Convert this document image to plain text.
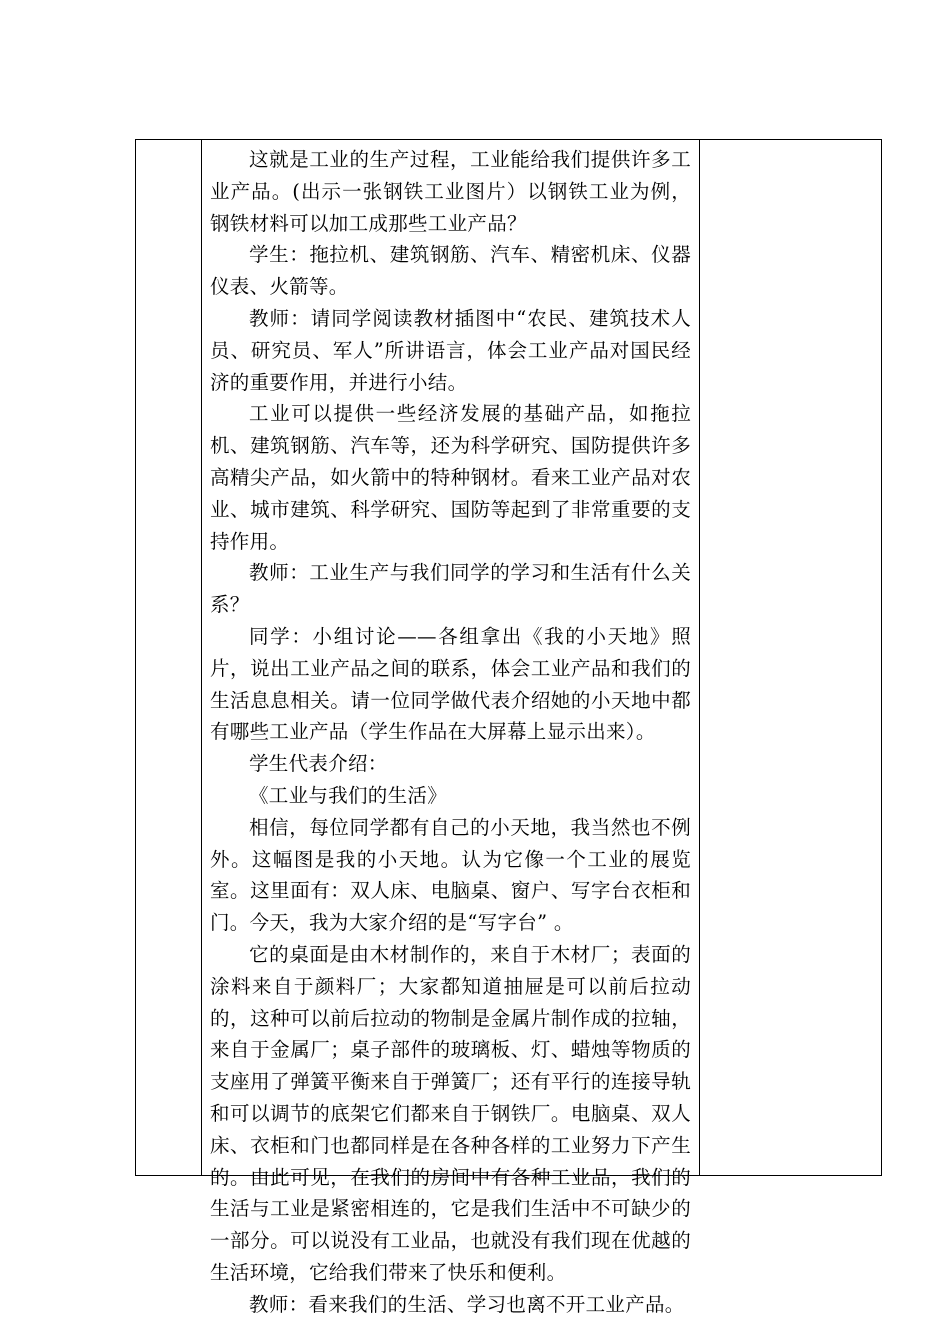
这就是工业的生产过程，工业能给我们提供许多工业产品。(出示一张钢铁工业图片）以钢铁工业为例，钢铁材料可以加工成那些工业产品？

学生：拖拉机、建筑钢筋、汽车、精密机床、仪器仪表、火箭等。

教师：请同学阅读教材插图中“农民、建筑技术人员、研究员、军人”所讲语言，体会工业产品对国民经济的重要作用，并进行小结。

工业可以提供一些经济发展的基础产品，如拖拉机、建筑钢筋、汽车等，还为科学研究、国防提供许多高精尖产品，如火箭中的特种钢材。看来工业产品对农业、城市建筑、科学研究、国防等起到了非常重要的支持作用。

教师：工业生产与我们同学的学习和生活有什么关系？

同学：小组讨论——各组拿出《我的小天地》照片，说出工业产品之间的联系，体会工业产品和我们的生活息息相关。请一位同学做代表介绍她的小天地中都有哪些工业产品（学生作品在大屏幕上显示出来）。

学生代表介绍：

《工业与我们的生活》

相信，每位同学都有自己的小天地，我当然也不例外。这幅图是我的小天地。认为它像一个工业的展览室。这里面有：双人床、电脑桌、窗户、写字台衣柜和门。今天，我为大家介绍的是“写字台” 。

它的桌面是由木材制作的，来自于木材厂；表面的涂料来自于颜料厂；大家都知道抽屉是可以前后拉动的，这种可以前后拉动的物制是金属片制作成的拉轴，来自于金属厂；桌子部件的玻璃板、灯、蜡烛等物质的支座用了弹簧平衡来自于弹簧厂；还有平行的连接导轨和可以调节的底架它们都来自于钢铁厂。电脑桌、双人床、衣柜和门也都同样是在各种各样的工业努力下产生的。由此可见，在我们的房间中有各种工业品，我们的生活与工业是紧密相连的，它是我们生活中不可缺少的一部分。可以说没有工业品，也就没有我们现在优越的生活环境，它给我们带来了快乐和便利。

教师：看来我们的生活、学习也离不开工业产品。
